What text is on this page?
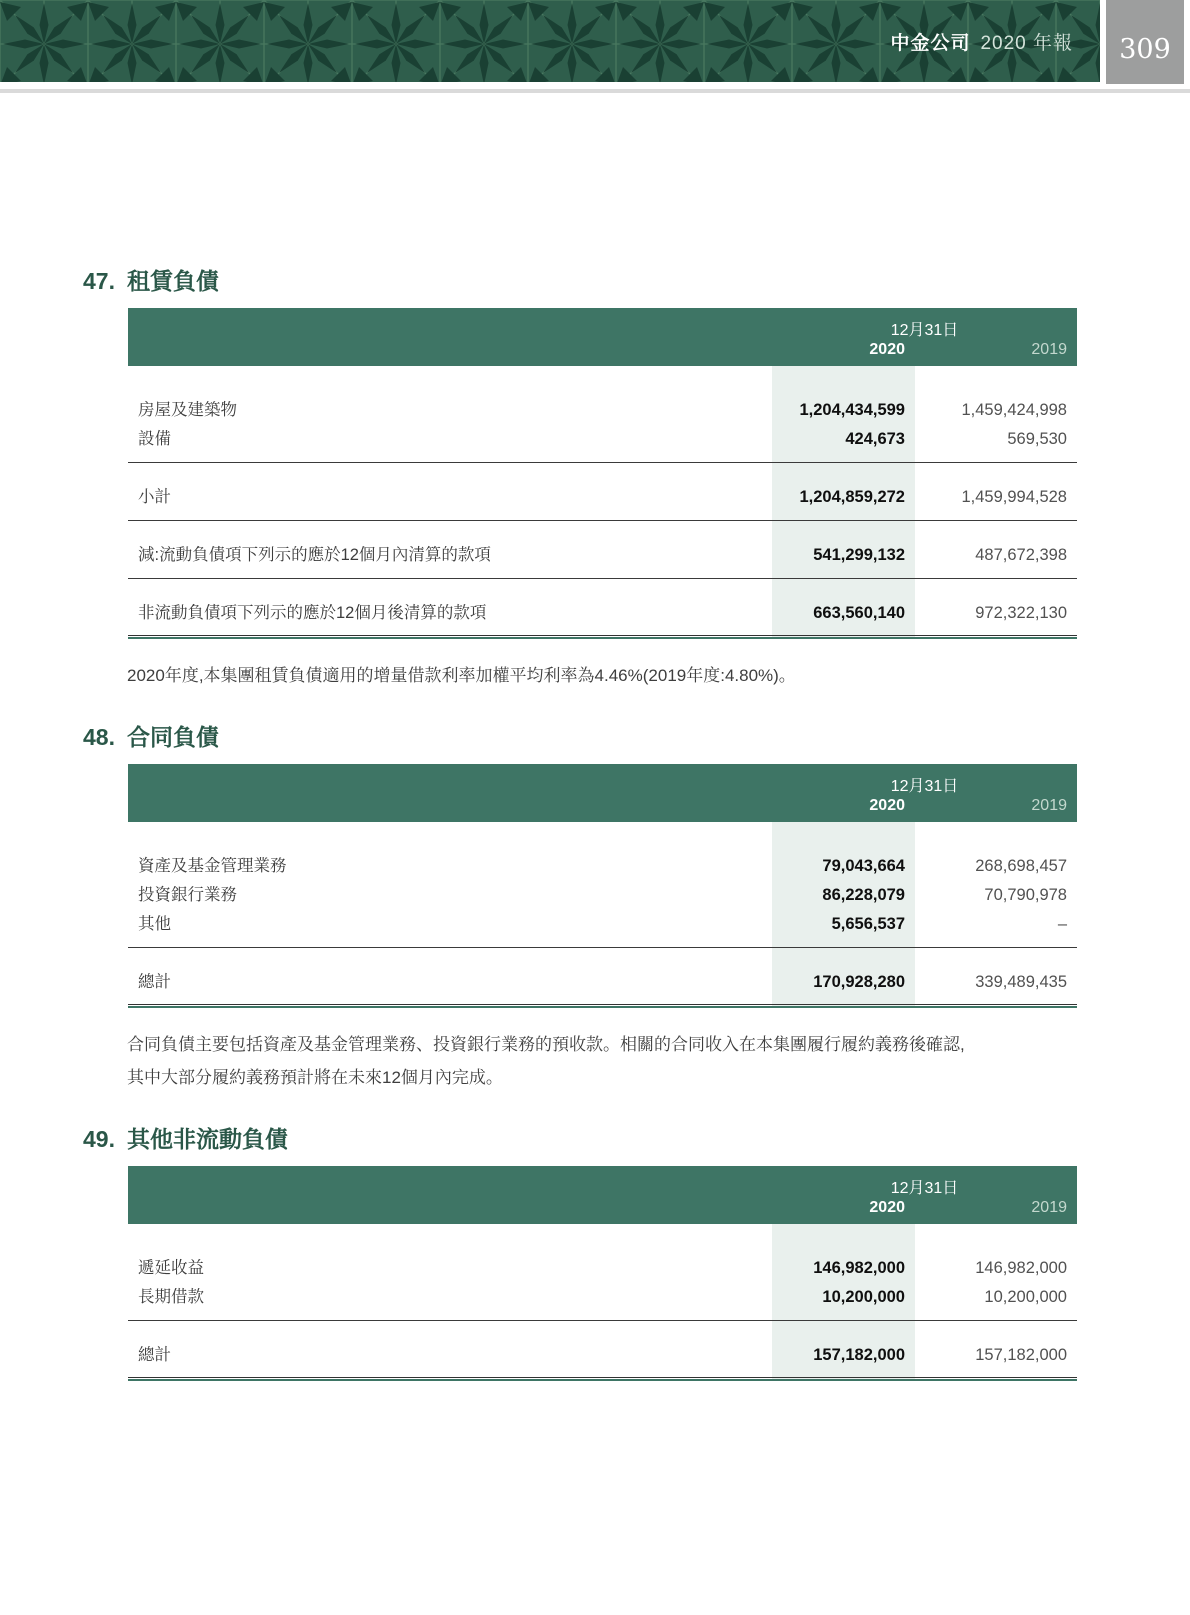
中金公司 2020 年報 309
47. 租賃負債
12月31日
2020	2019
房屋及建築物	1,204,434,599	1,459,424,998
設備	424,673	569,530
小計	1,204,859,272	1,459,994,528
減:流動負債項下列示的應於12個月內清算的款項	541,299,132	487,672,398
非流動負債項下列示的應於12個月後清算的款項	663,560,140	972,322,130
2020年度,本集團租賃負債適用的增量借款利率加權平均利率為4.46%(2019年度:4.80%)。
48. 合同負債
12月31日
2020	2019
資產及基金管理業務	79,043,664	268,698,457
投資銀行業務	86,228,079	70,790,978
其他	5,656,537	–
總計	170,928,280	339,489,435
合同負債主要包括資產及基金管理業務、投資銀行業務的預收款。相關的合同收入在本集團履行履約義務後確認,
其中大部分履約義務預計將在未來12個月內完成。
49. 其他非流動負債
12月31日
2020	2019
遞延收益	146,982,000	146,982,000
長期借款	10,200,000	10,200,000
總計	157,182,000	157,182,000
